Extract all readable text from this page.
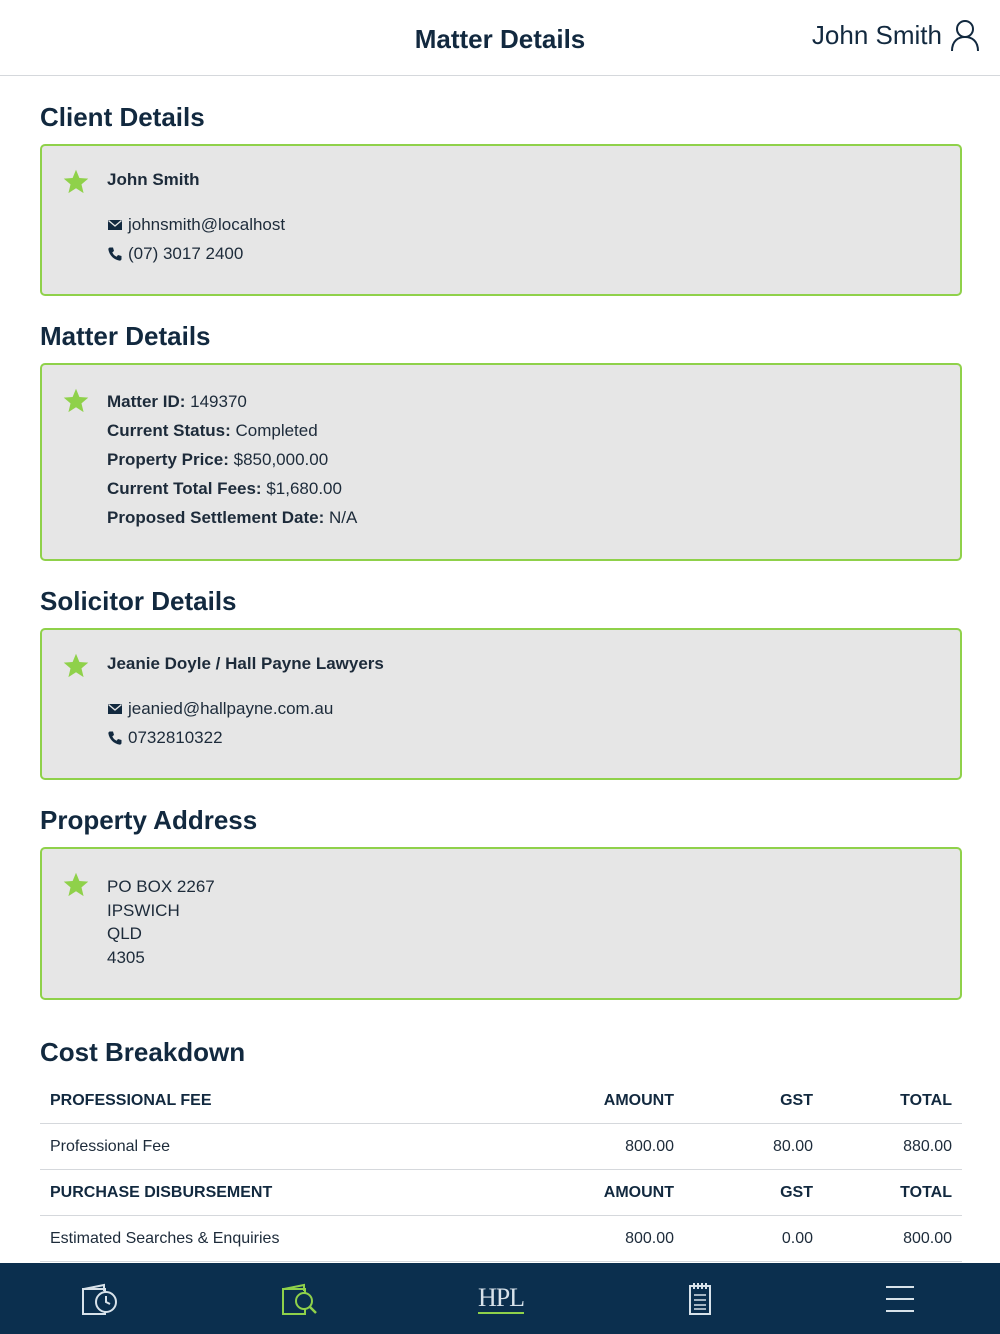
Matter Details	John Smith
Client Details
John Smith
johnsmith@localhost
(07) 3017 2400
Matter Details
Matter ID: 149370
Current Status: Completed
Property Price: $850,000.00
Current Total Fees: $1,680.00
Proposed Settlement Date: N/A
Solicitor Details
Jeanie Doyle / Hall Payne Lawyers
jeanied@hallpayne.com.au
0732810322
Property Address
PO BOX 2267
IPSWICH
QLD
4305
Cost Breakdown
PROFESSIONAL FEE	AMOUNT	GST	TOTAL
Professional Fee	800.00	80.00	880.00
PURCHASE DISBURSEMENT	AMOUNT	GST	TOTAL
Estimated Searches & Enquiries	800.00	0.00	800.00
HPL
